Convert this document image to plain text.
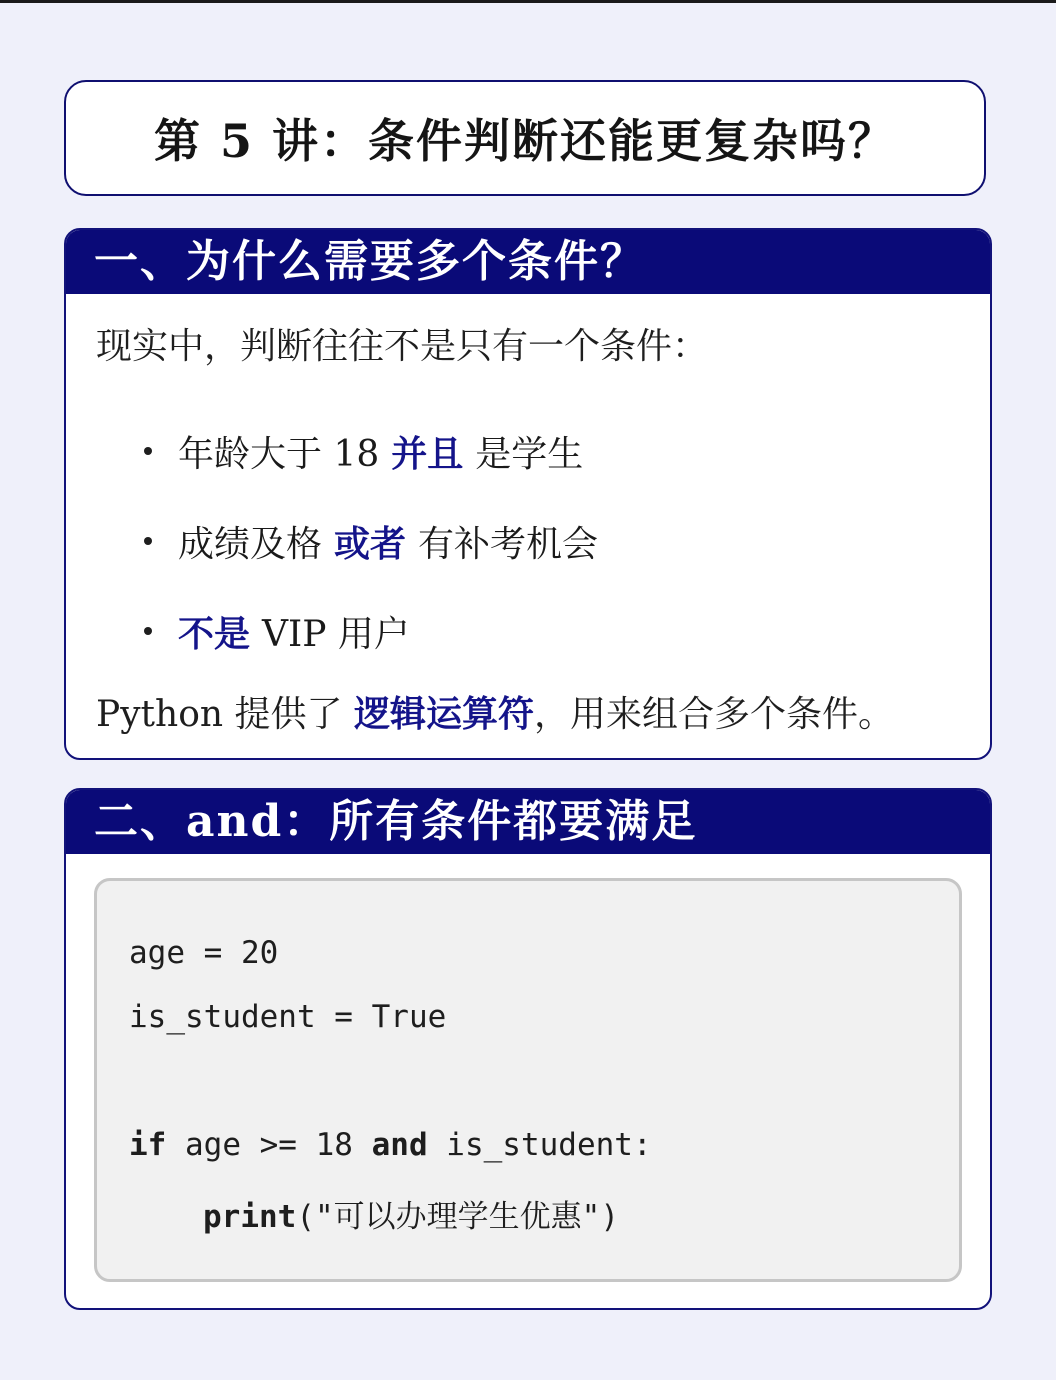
第 5 讲：条件判断还能更复杂吗？
一、为什么需要多个条件？
现实中，判断往往不是只有一个条件：
年龄大于 18 并且 是学生
成绩及格 或者 有补考机会
不是 VIP 用户
Python 提供了 逻辑运算符，用来组合多个条件。
二、and：所有条件都要满足
age = 20
is_student = True
if age >= 18 and is_student:
print("可以办理学生优惠")
